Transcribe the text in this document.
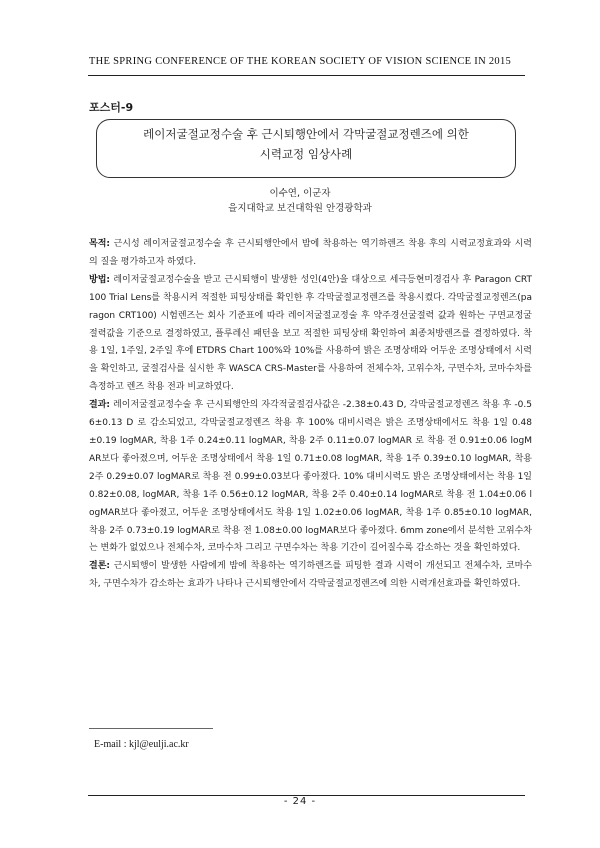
THE SPRING CONFERENCE OF THE KOREAN SOCIETY OF VISION SCIENCE IN 2015
포스터-9
레이저굴절교정수술 후 근시퇴행안에서 각막굴절교정렌즈에 의한
시력교정 임상사례
이수연, 이군자
을지대학교 보건대학원 안경광학과

목적: 근시성 레이저굴절교정수술 후 근시퇴행안에서 밤에 착용하는 역기하렌즈 착용 후의 시력교정효과와 시력의 질을 평가하고자 하였다.

방법: 레이저굴절교정수술을 받고 근시퇴행이 발생한 성인(4안)을 대상으로 세극등현미경검사 후 Paragon CRT 100 Trial Lens를 착용시켜 적절한 피팅상태를 확인한 후 각막굴절교정렌즈를 착용시켰다. 각막굴절교정렌즈(paragon CRT100) 시험렌즈는 회사 기준표에 따라 레이저굴절교정술 후 약주경선굴절력 값과 원하는 구면교정굴절력값을 기준으로 결정하였고, 플루레신 패턴을 보고 적절한 피팅상태 확인하여 최종처방렌즈를 결정하였다. 착용 1일, 1주일, 2주일 후에 ETDRS Chart 100%와 10%를 사용하여 밝은 조명상태와 어두운 조명상태에서 시력을 확인하고, 굴절검사를 실시한 후 WASCA CRS-Master를 사용하여 전체수차, 고위수차, 구면수차, 코마수차를 측정하고 렌즈 착용 전과 비교하였다.

결과: 레이저굴절교정수술 후 근시퇴행안의 자각적굴절검사값은 -2.38±0.43 D, 각막굴절교정렌즈 착용 후 -0.56±0.13 D 로 감소되었고, 각막굴절교정렌즈 착용 후 100% 대비시력은 밝은 조명상태에서도 착용 1일 0.48±0.19 logMAR, 착용 1주 0.24±0.11 logMAR, 착용 2주 0.11±0.07 logMAR 로 착용 전 0.91±0.06 logMAR보다 좋아졌으며, 어두운 조명상태에서 착용 1일 0.71±0.08 logMAR, 착용 1주 0.39±0.10 logMAR, 착용 2주 0.29±0.07 logMAR로 착용 전 0.99±0.03보다 좋아졌다. 10% 대비시력도 밝은 조명상태에서는 착용 1일 0.82±0.08, logMAR, 착용 1주 0.56±0.12 logMAR, 착용 2주 0.40±0.14 logMAR로 착용 전 1.04±0.06 logMAR보다 좋아졌고, 어두운 조명상태에서도 착용 1일 1.02±0.06 logMAR, 착용 1주 0.85±0.10 logMAR, 착용 2주 0.73±0.19 logMAR로 착용 전 1.08±0.00 logMAR보다 좋아졌다. 6mm zone에서 분석한 고위수차는 변화가 없었으나 전체수차, 코마수차 그리고 구면수차는 착용 기간이 길어질수록 감소하는 것을 확인하였다.

결론: 근시퇴행이 발생한 사람에게 밤에 착용하는 역기하렌즈를 피팅한 결과 시력이 개선되고 전체수차, 코마수차, 구면수차가 감소하는 효과가 나타나 근시퇴행안에서 각막굴절교정렌즈에 의한 시력개선효과를 확인하였다.

E-mail : kjl@eulji.ac.kr
- 24 -
